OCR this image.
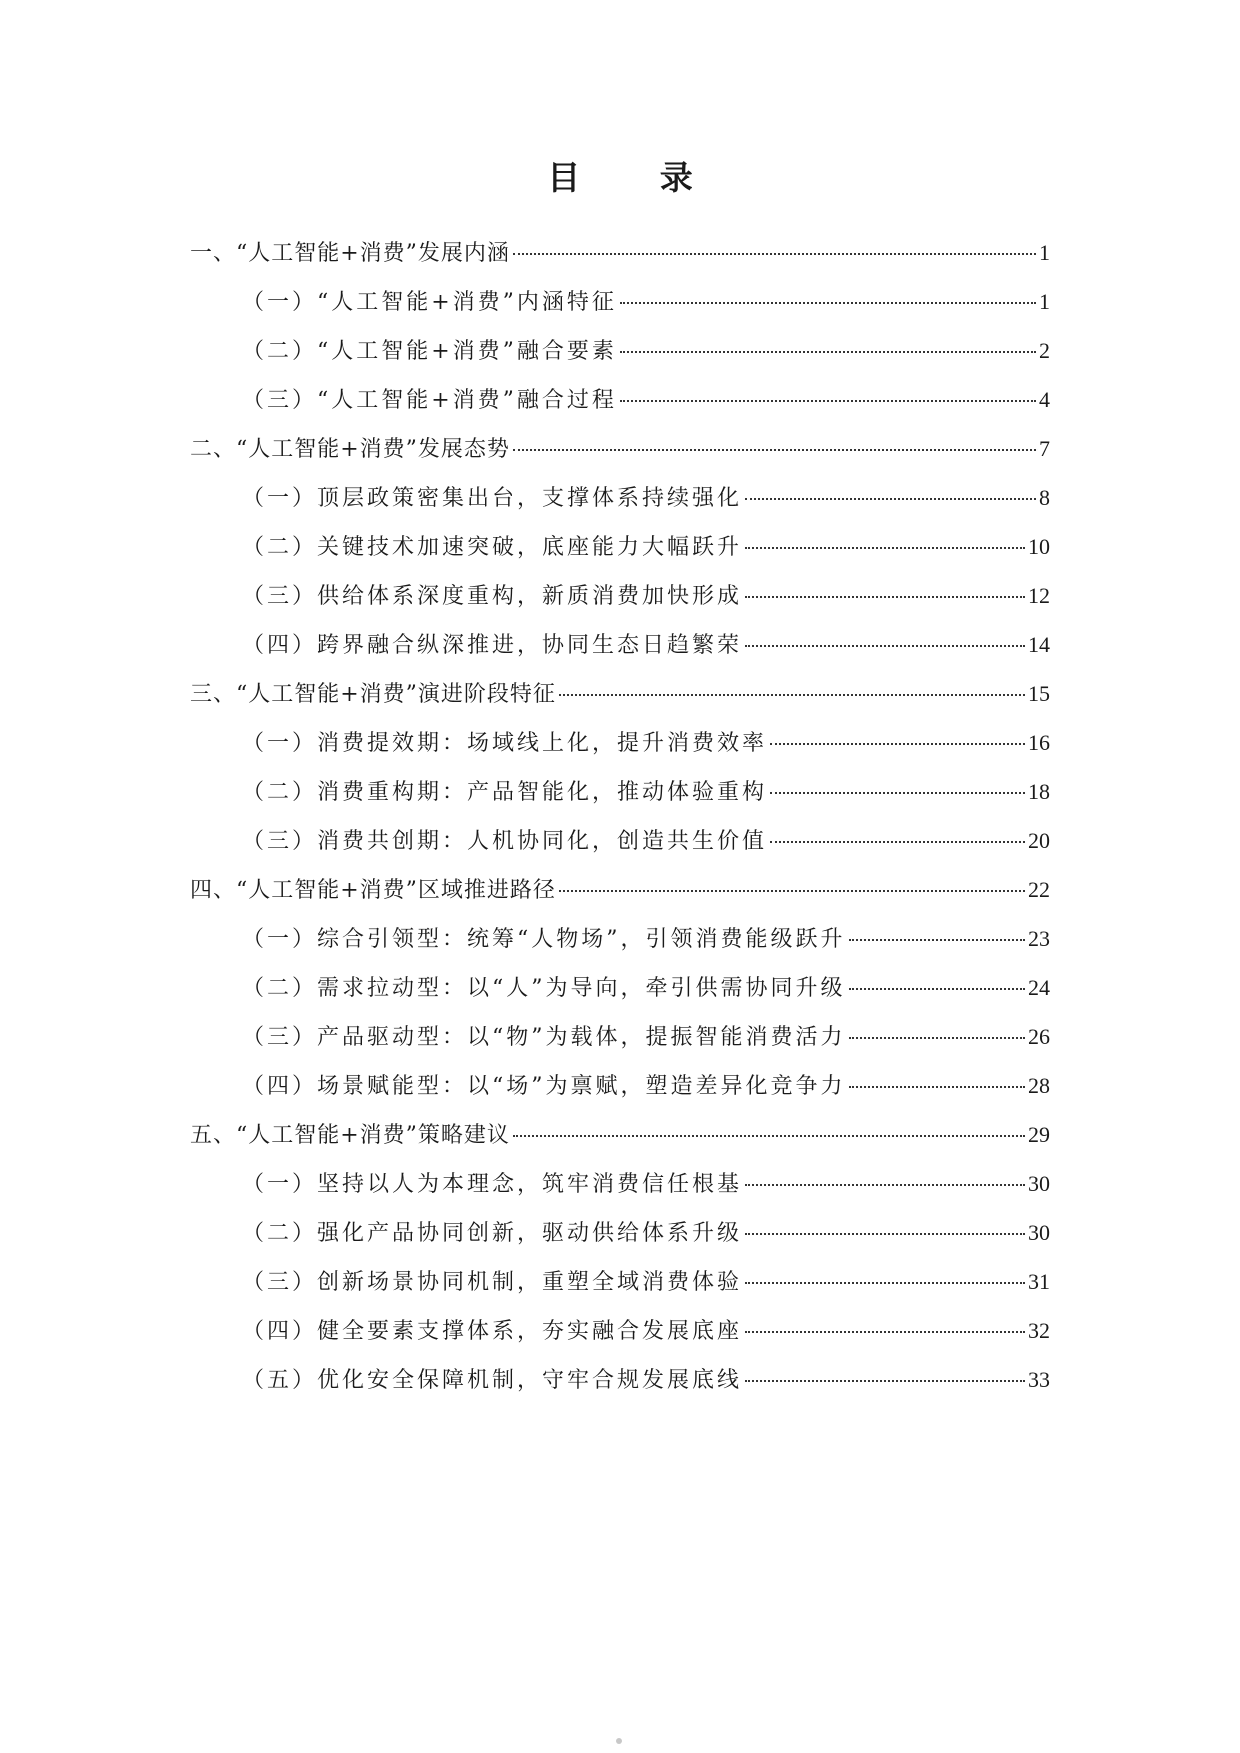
目 录
一、“人工智能+消费”发展内涵	1
（一）“人工智能+消费”内涵特征	1
（二）“人工智能+消费”融合要素	2
（三）“人工智能+消费”融合过程	4
二、“人工智能+消费”发展态势	7
（一）顶层政策密集出台，支撑体系持续强化	8
（二）关键技术加速突破，底座能力大幅跃升	10
（三）供给体系深度重构，新质消费加快形成	12
（四）跨界融合纵深推进，协同生态日趋繁荣	14
三、“人工智能+消费”演进阶段特征	15
（一）消费提效期：场域线上化，提升消费效率	16
（二）消费重构期：产品智能化，推动体验重构	18
（三）消费共创期：人机协同化，创造共生价值	20
四、“人工智能+消费”区域推进路径	22
（一）综合引领型：统筹“人物场”，引领消费能级跃升	23
（二）需求拉动型：以“人”为导向，牵引供需协同升级	24
（三）产品驱动型：以“物”为载体，提振智能消费活力	26
（四）场景赋能型：以“场”为禀赋，塑造差异化竞争力	28
五、“人工智能+消费”策略建议	29
（一）坚持以人为本理念，筑牢消费信任根基	30
（二）强化产品协同创新，驱动供给体系升级	30
（三）创新场景协同机制，重塑全域消费体验	31
（四）健全要素支撑体系，夯实融合发展底座	32
（五）优化安全保障机制，守牢合规发展底线	33
